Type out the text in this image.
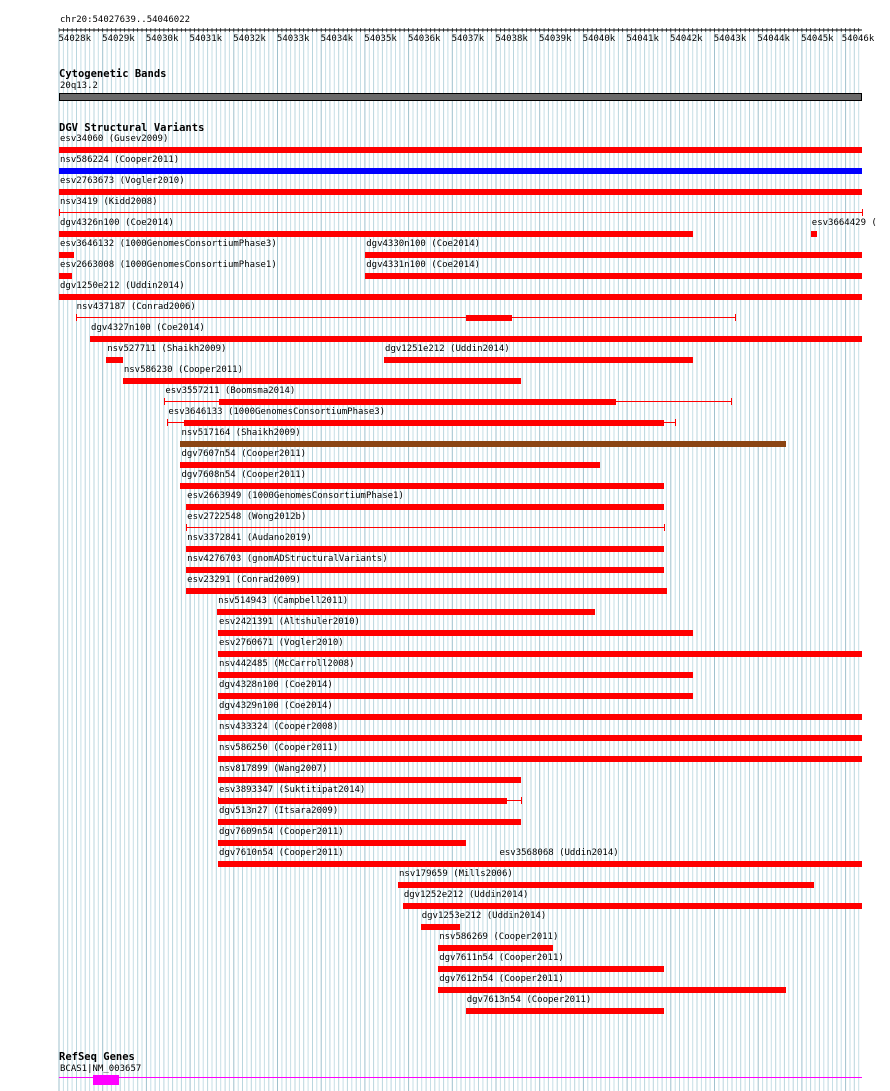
chr20:54027639..54046022
54028k 54029k 54030k 54031k 54032k 54033k 54034k 54035k 54036k 54037k 54038k 54039k 54040k 54041k 54042k 54043k 54044k 54045k 54046k
Cytogenetic Bands
20q13.2
DGV Structural Variants
esv34060 (Gusev2009)
nsv586224 (Cooper2011)
esv2763673 (Vogler2010)
nsv3419 (Kidd2008)
dgv4326n100 (Coe2014)	esv3664429 (
esv3646132 (1000GenomesConsortiumPhase3)	dgv4330n100 (Coe2014)
esv2663008 (1000GenomesConsortiumPhase1)	dgv4331n100 (Coe2014)
dgv1250e212 (Uddin2014)
nsv437187 (Conrad2006)
dgv4327n100 (Coe2014)
nsv527711 (Shaikh2009)	dgv1251e212 (Uddin2014)
nsv586230 (Cooper2011)
esv3557211 (Boomsma2014)
esv3646133 (1000GenomesConsortiumPhase3)
nsv517164 (Shaikh2009)
dgv7607n54 (Cooper2011)
dgv7608n54 (Cooper2011)
esv2663949 (1000GenomesConsortiumPhase1)
esv2722548 (Wong2012b)
nsv3372841 (Audano2019)
nsv4276703 (gnomADStructuralVariants)
esv23291 (Conrad2009)
nsv514943 (Campbell2011)
esv2421391 (Altshuler2010)
esv2760671 (Vogler2010)
nsv442485 (McCarroll2008)
dgv4328n100 (Coe2014)
dgv4329n100 (Coe2014)
nsv433324 (Cooper2008)
nsv586250 (Cooper2011)
nsv817899 (Wang2007)
esv3893347 (Suktitipat2014)
dgv513n27 (Itsara2009)
dgv7609n54 (Cooper2011)
esv3568068 (Uddin2014)
dgv7610n54 (Cooper2011)
nsv179659 (Mills2006)
dgv1252e212 (Uddin2014)
dgv1253e212 (Uddin2014)
nsv586269 (Cooper2011)
dgv7611n54 (Cooper2011)
dgv7612n54 (Cooper2011)
dgv7613n54 (Cooper2011)
RefSeq Genes
BCAS1|NM_003657
